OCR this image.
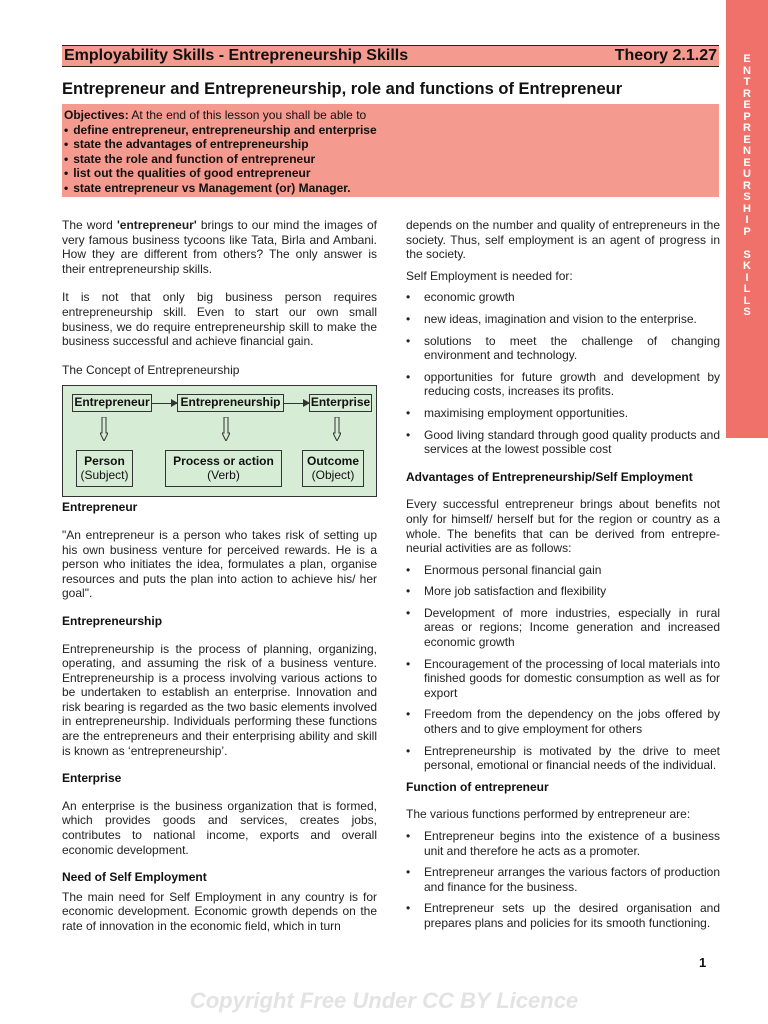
E
N
T
R
E
P
R
E
N
E
U
R
S
H
I
P
S
K
I
L
L
S
Employability Skills - Entrepreneurship Skills	Theory 2.1.27
Entrepreneur and Entrepreneurship, role and functions of Entrepreneur
Objectives: At the end of this lesson you shall be able to
• define entrepreneur, entrepreneurship and enterprise
• state the advantages of entrepreneurship
• state the role and function of entrepreneur
• list out the qualities of good entrepreneur
• state entrepreneur vs Management (or) Manager.

The word 'entrepreneur' brings to our mind the images of very famous business tycoons like Tata, Birla and Ambani. How they are different from others? The only answer is their entrepreneurship skills.

It is not that only big business person requires entrepreneurship skill. Even to start our own small business, we do require entrepreneurship skill to make the business successful and achieve financial gain.

The Concept of Entrepreneurship

Entrepreneur

"An entrepreneur is a person who takes risk of setting up his own business venture for perceived rewards. He is a person who initiates the idea, formulates a plan, organise resources and puts the plan into action to achieve his/ her goal".

Entrepreneurship

Entrepreneurship is the process of planning, organizing, operating, and assuming the risk of a business venture. Entrepreneurship is a process involving various actions to be undertaken to establish an enterprise. Innovation and risk bearing is regarded as the two basic elements involved in entrepreneurship. Individuals performing these functions are the entrepreneurs and their enterprising ability and skill is known as ‘entrepreneurship’.

Enterprise

An enterprise is the business organization that is formed, which provides goods and services, creates jobs, contributes to national income, exports and overall economic development.

Need of Self Employment

The main need for Self Employment in any country is for economic development. Economic growth depends on the rate of innovation in the economic field, which in turn

Entrepreneur	Entrepreneurship	Enterprise
Person
(Subject)
Process or action
(Verb)
Outcome
(Object)

depends on the number and quality of entrepreneurs in the society. Thus, self employment is an agent of progress in the society.

Self Employment is needed for:

• economic growth
• new ideas, imagination and vision to the enterprise.
• solutions to meet the challenge of changing environment and technology.
• opportunities for future growth and development by reducing costs, increases its profits.
• maximising employment opportunities.
• Good living standard through good quality products and services at the lowest possible cost
Advantages of Entrepreneurship/Self Employment

Every successful entrepreneur brings about benefits not only for himself/ herself but for the region or country as a whole. The benefits that can be derived from entrepre-neurial activities are as follows:

• Enormous personal financial gain
• More job satisfaction and flexibility
• Development of more industries, especially in rural areas or regions; Income generation and increased economic growth
• Encouragement of the processing of local materials into finished goods for domestic consumption as well as for export
• Freedom from the dependency on the jobs offered by others and to give employment for others
• Entrepreneurship is motivated by the drive to meet personal, emotional or financial needs of the individual.
Function of entrepreneur

The various functions performed by entrepreneur are:

• Entrepreneur begins into the existence of a business unit and therefore he acts as a promoter.
• Entrepreneur arranges the various factors of production and finance for the business.
• Entrepreneur sets up the desired organisation and prepares plans and policies for its smooth functioning.
1
Copyright Free Under CC BY Licence
